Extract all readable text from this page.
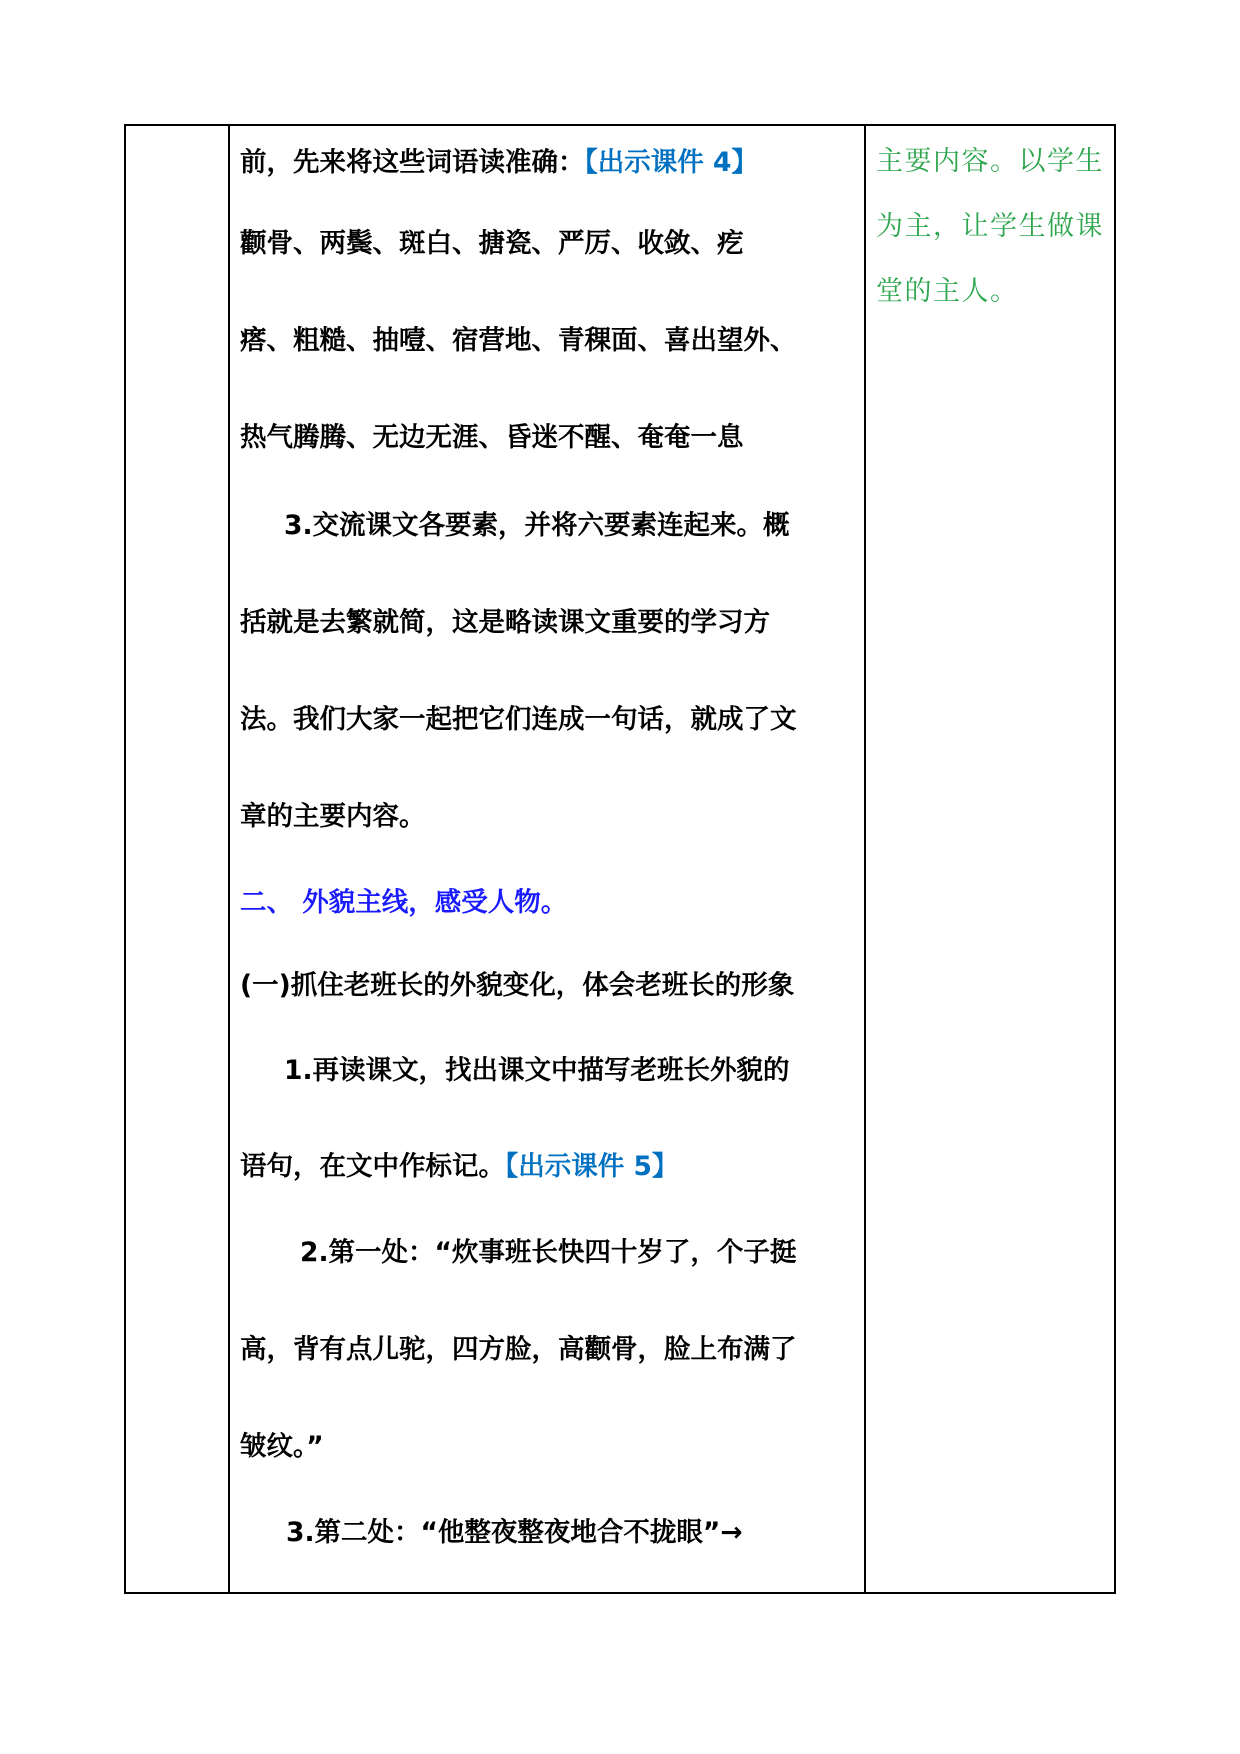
前，先来将这些词语读准确：【出示课件 4】
颧骨、两鬓、斑白、搪瓷、严厉、收敛、疙
瘩、粗糙、抽噎、宿营地、青稞面、喜出望外、
热气腾腾、无边无涯、昏迷不醒、奄奄一息
3.交流课文各要素，并将六要素连起来。概
括就是去繁就简，这是略读课文重要的学习方
法。我们大家一起把它们连成一句话，就成了文
章的主要内容。
二、 外貌主线，感受人物。
(一)抓住老班长的外貌变化，体会老班长的形象
1.再读课文，找出课文中描写老班长外貌的
语句，在文中作标记。【出示课件 5】
2.第一处：“炊事班长快四十岁了，个子挺
高，背有点儿驼，四方脸，高颧骨，脸上布满了
皱纹。”
3.第二处：“他整夜整夜地合不拢眼”→
主要内容。以学生
为主，让学生做课
堂的主人。
